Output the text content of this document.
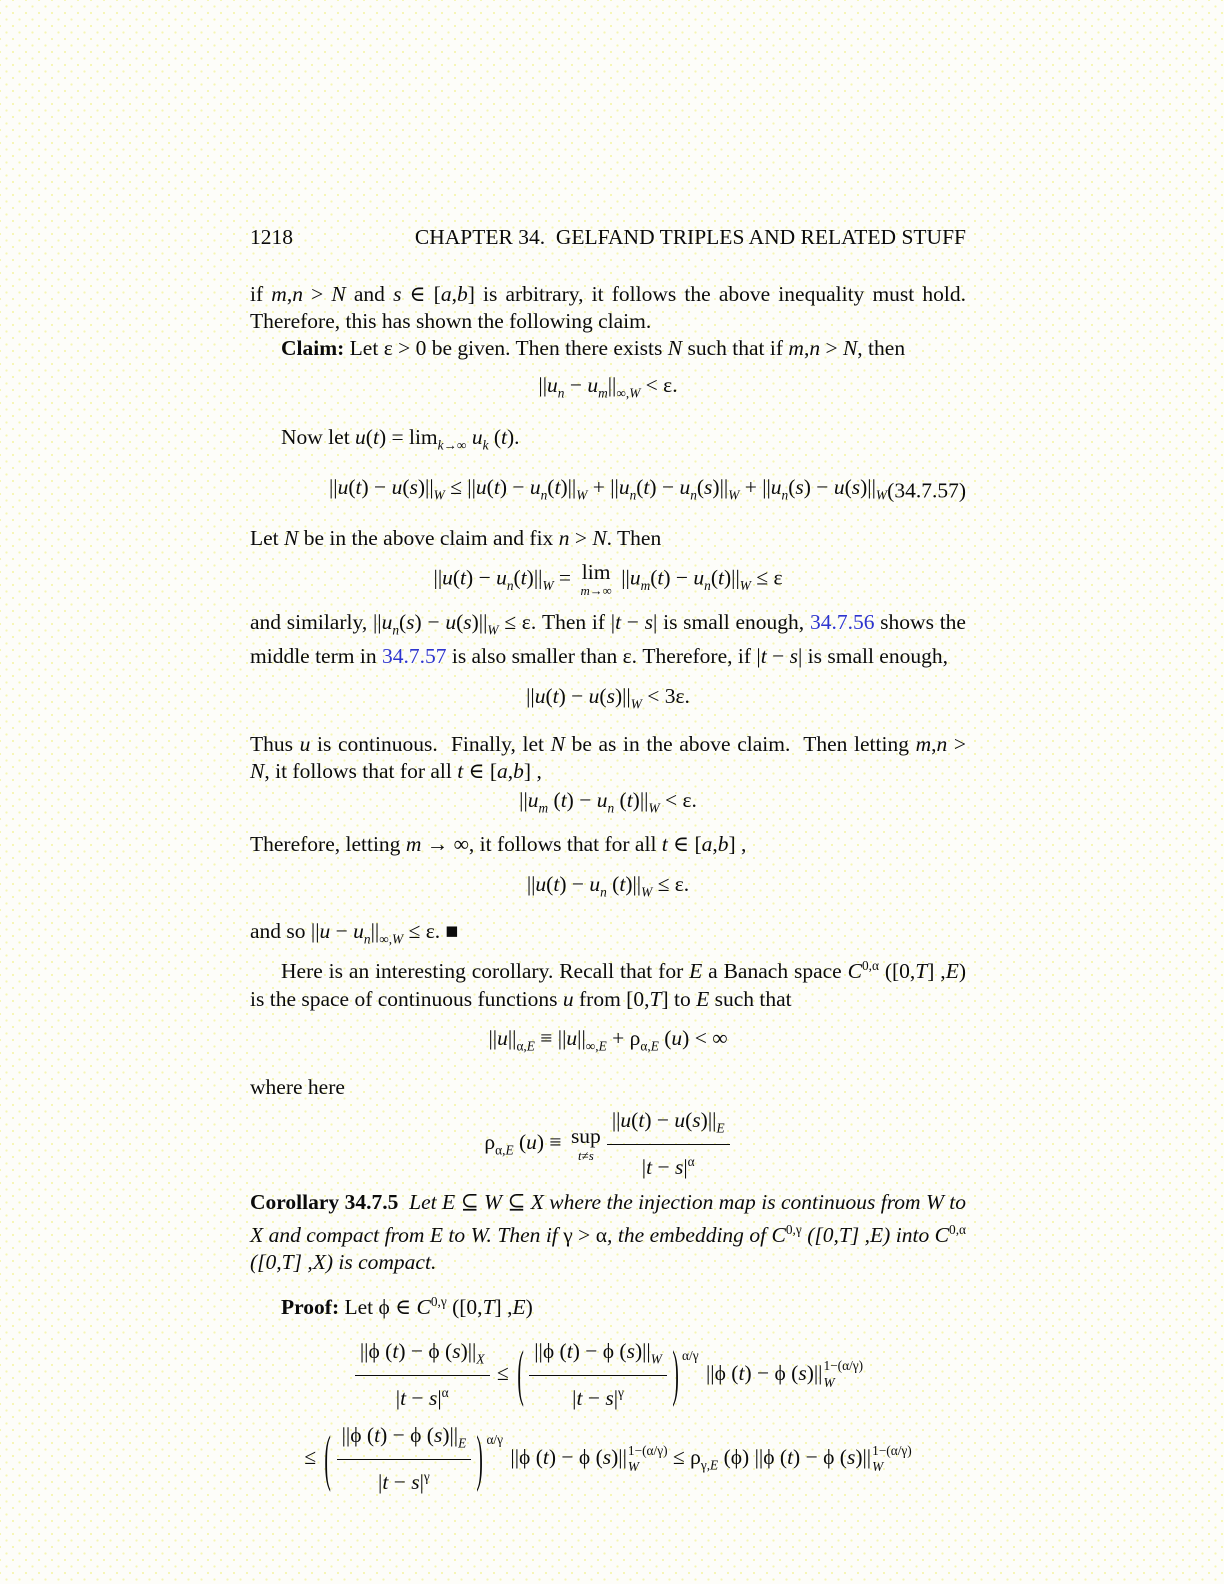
1218	CHAPTER 34.  GELFAND TRIPLES AND RELATED STUFF

if m,n > N and s ∈ [a,b] is arbitrary, it follows the above inequality must hold. Therefore, this has shown the following claim.

Claim: Let ε > 0 be given. Then there exists N such that if m,n > N, then

$||u_n - u_m||_{\infty,W} < \varepsilon$.

Now let $u(t) = \lim_{k\to\infty} u_k$ (t).

$||u(t) - u(s)||_W \le ||u(t) - u_n(t)||_W + ||u_n(t) - u_n(s)||_W + ||u_n(s) - u(s)||_W$ (34.7.57)

Let N be in the above claim and fix n > N. Then

$||u(t) - u_n(t)||_W = \lim$
m→∞
$||u_m(t) - u_n(t)||_W \le \varepsilon$

and similarly, $||u_n(s) - u(s)||_W \le \varepsilon$. Then if |t − s| is small enough, 34.7.56 shows the middle term in 34.7.57 is also smaller than ε. Therefore, if |t − s| is small enough,

$||u(t) - u(s)||_W < 3\varepsilon$.

Thus u is continuous.  Finally, let N be as in the above claim.  Then letting m,n > N, it follows that for all t ∈ [a,b] ,

$||u_m$ $(t) - u_n$ $(t)||_W < \varepsilon$.

Therefore, letting m → ∞, it follows that for all t ∈ [a,b] ,

$||u(t) - u_n$ $(t)||_W \le \varepsilon$.

and so $||u - u_n||_{\infty,W} \le \varepsilon$. ■

Here is an interesting corollary. Recall that for E a Banach space $C^{0,\alpha}$ ([0,T] ,E) is the space of continuous functions u from [0,T] to E such that

$||u||_{\alpha,E} \equiv ||u||_{\infty,E} + \rho_{\alpha,E}$ (u) < ∞

where here

$\rho_{\alpha,E}$ (u) ≡ sup
$t\ne s \frac{||u(t) - u(s)||_E}{|t - s|^\alpha}$

Corollary 34.7.5 Let E ⊆ W ⊆ X where the injection map is continuous from W to X and compact from E to W. Then if γ > α, the embedding of $C^{0,\gamma}$ ([0,T] ,E) into $C^{0,\alpha}$ ([0,T] ,X) is compact.

Proof: Let ϕ ∈ $C^{0,\gamma}$ ([0,T] ,E)

$\frac{||\phi (t) - \phi (s)||_X}{|t - s|^\alpha}$ ≤ ( $\frac{||\phi (t) - \phi (s)||_W}{|t - s|^\gamma}$ ) $^{\alpha/\gamma}$ ||ϕ (t) − ϕ (s)|| 1−(α/γ)
W
≤ ( $\frac{||\phi (t) - \phi (s)||_E}{|t - s|^\gamma}$ ) $^{\alpha/\gamma}$ ||ϕ (t) − ϕ (s)|| 1−(α/γ)
W	≤ $\rho_{\gamma,E}$ (ϕ) ||ϕ (t) − ϕ (s)|| 1−(α/γ)
W
